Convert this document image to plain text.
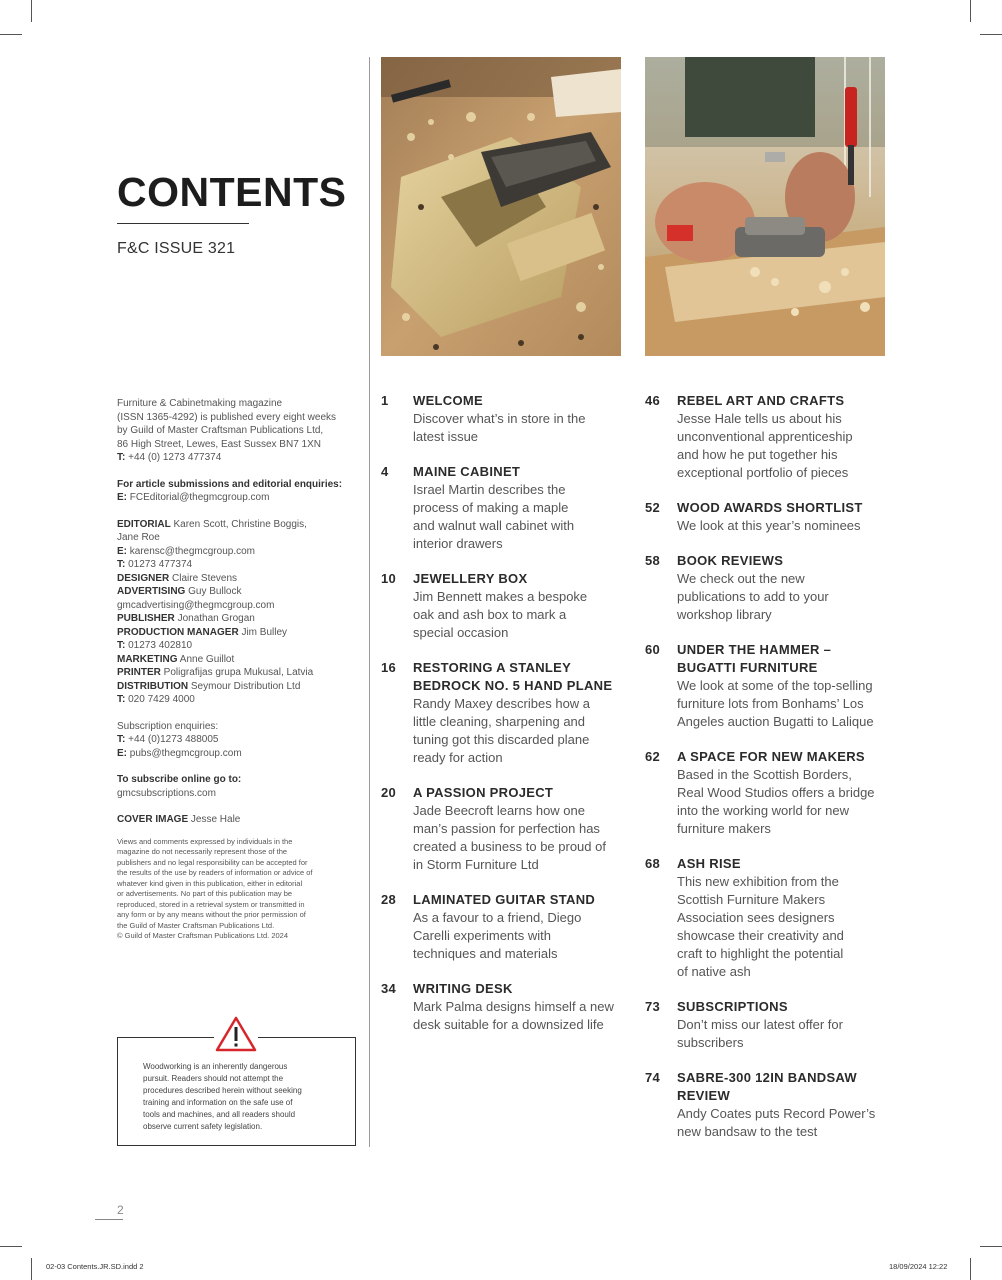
CONTENTS
F&C ISSUE 321

Furniture & Cabinetmaking magazine
(ISSN 1365-4292) is published every eight weeks
by Guild of Master Craftsman Publications Ltd,
86 High Street, Lewes, East Sussex BN7 1XN
T: +44 (0) 1273 477374

For article submissions and editorial enquiries:
E: FCEditorial@thegmcgroup.com

EDITORIAL Karen Scott, Christine Boggis,
Jane Roe
E: karensc@thegmcgroup.com
T: 01273 477374
DESIGNER Claire Stevens
ADVERTISING Guy Bullock
gmcadvertising@thegmcgroup.com
PUBLISHER Jonathan Grogan
PRODUCTION MANAGER Jim Bulley
T: 01273 402810
MARKETING Anne Guillot
PRINTER Poligrafijas grupa Mukusal, Latvia
DISTRIBUTION Seymour Distribution Ltd
T: 020 7429 4000

Subscription enquiries:
T: +44 (0)1273 488005
E: pubs@thegmcgroup.com

To subscribe online go to:
gmcsubscriptions.com

COVER IMAGE Jesse Hale

Views and comments expressed by individuals in the
magazine do not necessarily represent those of the
publishers and no legal responsibility can be accepted for
the results of the use by readers of information or advice of
whatever kind given in this publication, either in editorial
or advertisements. No part of this publication may be
reproduced, stored in a retrieval system or transmitted in
any form or by any means without the prior permission of
the Guild of Master Craftsman Publications Ltd.
© Guild of Master Craftsman Publications Ltd. 2024
Woodworking is an inherently dangerous
pursuit. Readers should not attempt the
procedures described herein without seeking
training and information on the safe use of
tools and machines, and all readers should
observe current safety legislation.
1	WELCOME
Discover what’s in store in the
latest issue
4	MAINE CABINET
Israel Martin describes the
process of making a maple
and walnut wall cabinet with
interior drawers
10	JEWELLERY BOX
Jim Bennett makes a bespoke
oak and ash box to mark a
special occasion
16	RESTORING A STANLEY
BEDROCK NO. 5 HAND PLANE
Randy Maxey describes how a
little cleaning, sharpening and
tuning got this discarded plane
ready for action
20	A PASSION PROJECT
Jade Beecroft learns how one
man’s passion for perfection has
created a business to be proud of
in Storm Furniture Ltd
28	LAMINATED GUITAR STAND
As a favour to a friend, Diego
Carelli experiments with
techniques and materials
34	WRITING DESK
Mark Palma designs himself a new
desk suitable for a downsized life
46	REBEL ART AND CRAFTS
Jesse Hale tells us about his
unconventional apprenticeship
and how he put together his
exceptional portfolio of pieces
52	WOOD AWARDS SHORTLIST
We look at this year’s nominees
58	BOOK REVIEWS
We check out the new
publications to add to your
workshop library
60	UNDER THE HAMMER –
BUGATTI FURNITURE
We look at some of the top-selling
furniture lots from Bonhams’ Los
Angeles auction Bugatti to Lalique
62	A SPACE FOR NEW MAKERS
Based in the Scottish Borders,
Real Wood Studios offers a bridge
into the working world for new
furniture makers
68	ASH RISE
This new exhibition from the
Scottish Furniture Makers
Association sees designers
showcase their creativity and
craft to highlight the potential
of native ash
73	SUBSCRIPTIONS
Don’t miss our latest offer for
subscribers
74	SABRE-300 12IN BANDSAW
REVIEW
Andy Coates puts Record Power’s
new bandsaw to the test
2
02-03 Contents.JR.SD.indd 2	18/09/2024 12:22
